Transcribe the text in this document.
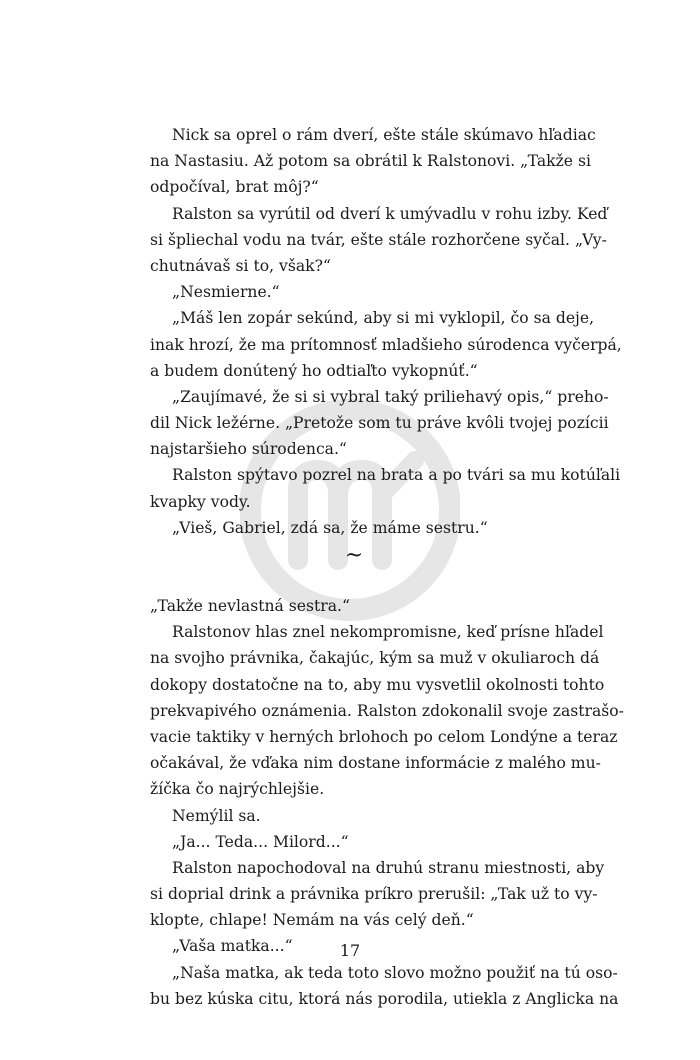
Nick sa oprel o rám dverí, ešte stále skúmavo hľadiac
na Nastasiu. Až potom sa obrátil k Ralstonovi. „Takže si
odpočíval, brat môj?“
Ralston sa vyrútil od dverí k umývadlu v rohu izby. Keď
si špliechal vodu na tvár, ešte stále rozhorčene syčal. „Vy-
chutnávaš si to, však?“
„Nesmierne.“
„Máš len zopár sekúnd, aby si mi vyklopil, čo sa deje,
inak hrozí, že ma prítomnosť mladšieho súrodenca vyčerpá,
a budem donútený ho odtiaľto vykopnúť.“
„Zaujímavé, že si si vybral taký priliehavý opis,“ preho-
dil Nick ležérne. „Pretože som tu práve kvôli tvojej pozícii
najstaršieho súrodenca.“
Ralston spýtavo pozrel na brata a po tvári sa mu kotúľali
kvapky vody.
„Vieš, Gabriel, zdá sa, že máme sestru.“
~
„Takže nevlastná sestra.“
Ralstonov hlas znel nekompromisne, keď prísne hľadel
na svojho právnika, čakajúc, kým sa muž v okuliaroch dá
dokopy dostatočne na to, aby mu vysvetlil okolnosti tohto
prekvapivého oznámenia. Ralston zdokonalil svoje zastrašo-
vacie taktiky v herných brlohoch po celom Londýne a teraz
očakával, že vďaka nim dostane informácie z malého mu-
žíčka čo najrýchlejšie.
Nemýlil sa.
„Ja... Teda... Milord...“
Ralston napochodoval na druhú stranu miestnosti, aby
si doprial drink a právnika príkro prerušil: „Tak už to vy-
klopte, chlape! Nemám na vás celý deň.“
„Vaša matka...“
„Naša matka, ak teda toto slovo možno použiť na tú oso-
bu bez kúska citu, ktorá nás porodila, utiekla z Anglicka na
17
